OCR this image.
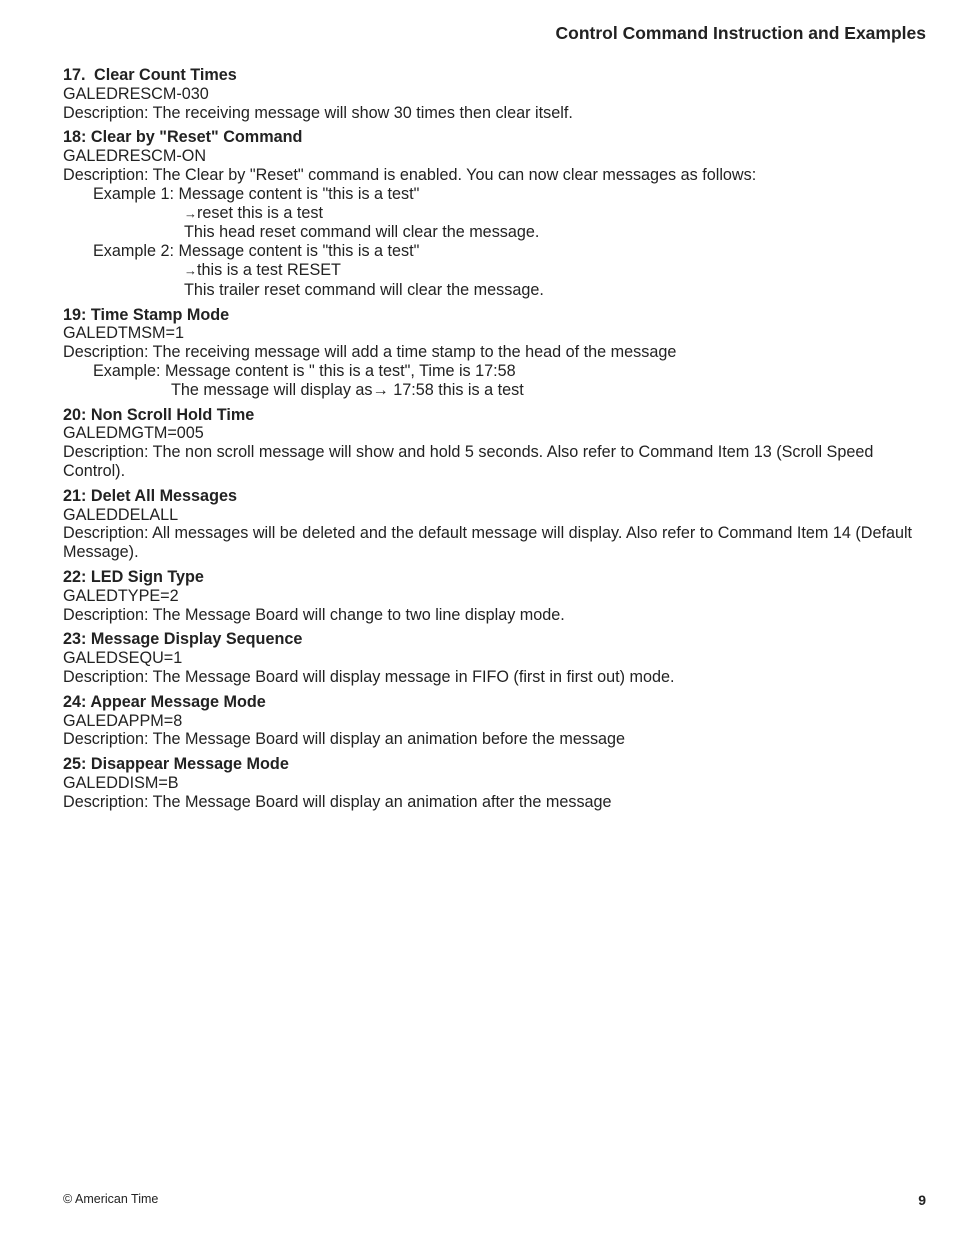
Control Command Instruction and Examples
17. Clear Count Times
GALEDRESCM-030
Description: The receiving message will show 30 times then clear itself.
18: Clear by "Reset" Command
GALEDRESCM-ON
Description: The Clear by "Reset" command is enabled. You can now clear messages as follows:
Example 1: Message content is "this is a test"
→reset this is a test
This head reset command will clear the message.
Example 2: Message content is "this is a test"
→this is a test RESET
This trailer reset command will clear the message.
19: Time Stamp Mode
GALEDTMSM=1
Description: The receiving message will add a time stamp to the head of the message
Example: Message content is " this is a test", Time is 17:58
The message will display as→ 17:58 this is a test
20: Non Scroll Hold Time
GALEDMGTM=005
Description: The non scroll message will show and hold 5 seconds. Also refer to Command Item 13 (Scroll Speed Control).
21: Delet All Messages
GALEDDELALL
Description: All messages will be deleted and the default message will display. Also refer to Command Item 14 (Default Message).
22: LED Sign Type
GALEDTYPE=2
Description: The Message Board will change to two line display mode.
23: Message Display Sequence
GALEDSEQU=1
Description: The Message Board will display message in FIFO (first in first out) mode.
24: Appear Message Mode
GALEDAPPM=8
Description: The Message Board will display an animation before the message
25: Disappear Message Mode
GALEDDISM=B
Description: The Message Board will display an animation after the message
© American Time	9
